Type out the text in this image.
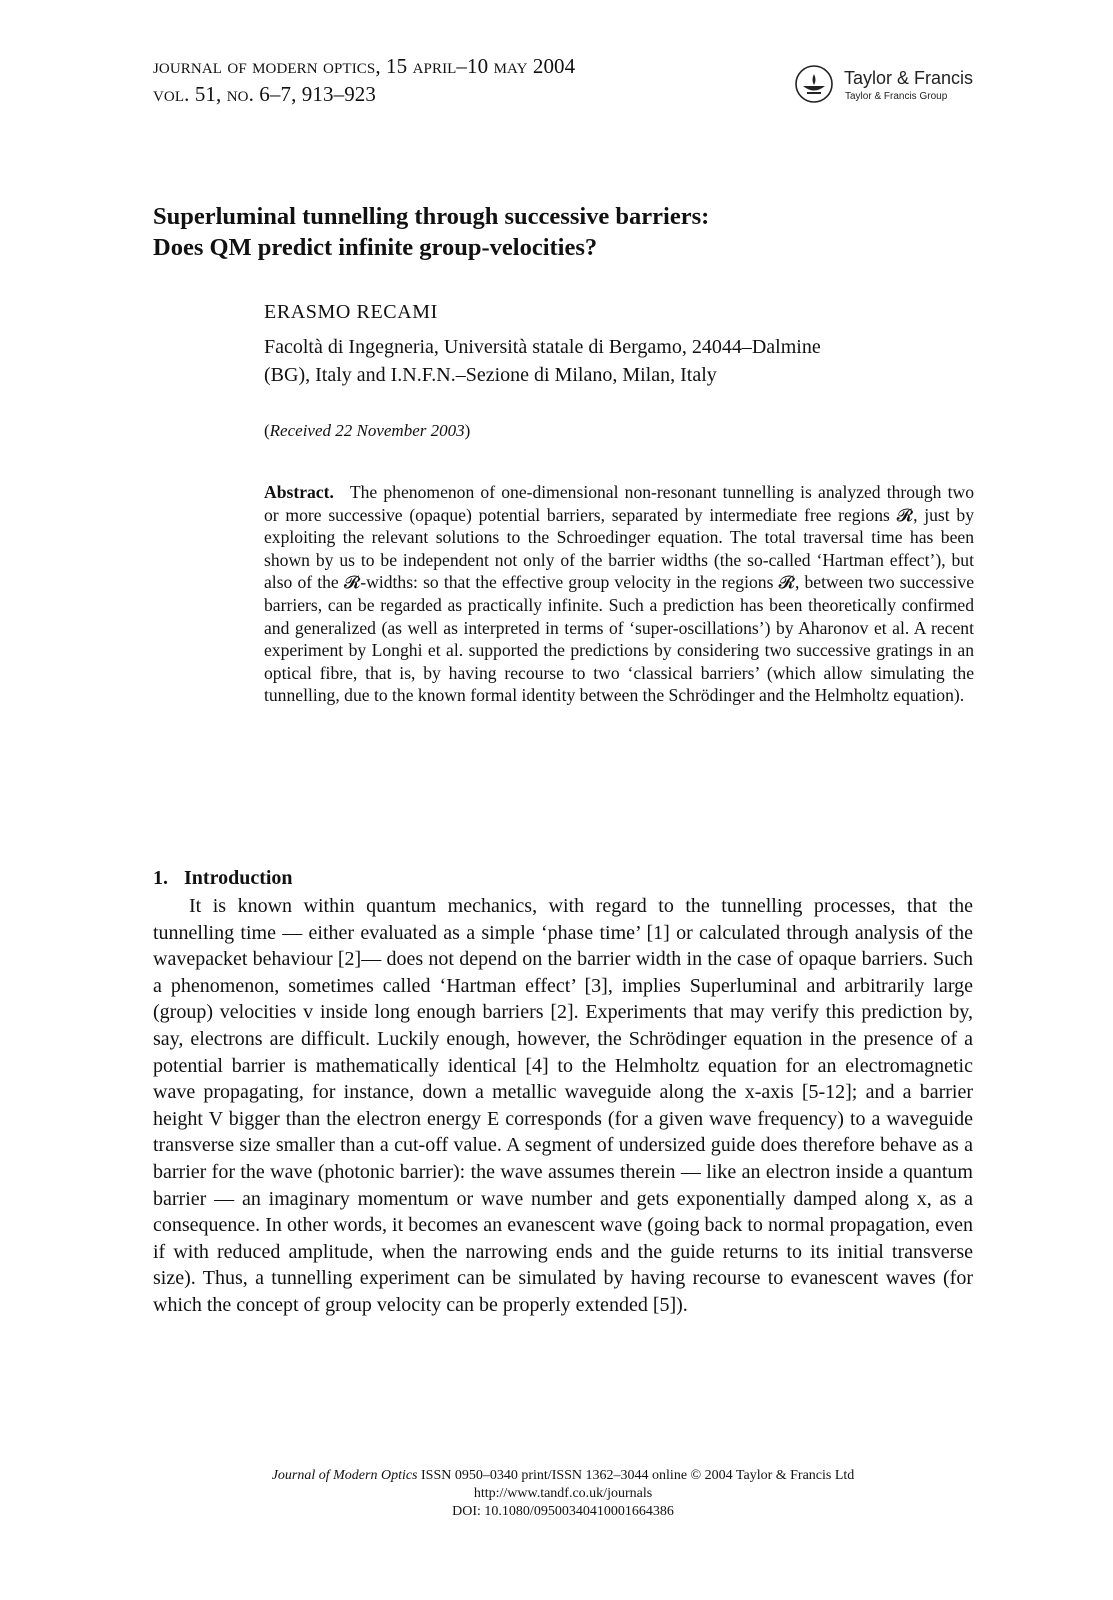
journal of modern optics, 15 april–10 may 2004
vol. 51, no. 6–7, 913–923
Taylor & Francis
Taylor & Francis Group
Superluminal tunnelling through successive barriers:
Does QM predict infinite group-velocities?
ERASMO RECAMI
Facoltà di Ingegneria, Università statale di Bergamo, 24044–Dalmine
(BG), Italy and I.N.F.N.–Sezione di Milano, Milan, Italy
(Received 22 November 2003)

Abstract. The phenomenon of one-dimensional non-resonant tunnelling is analyzed through two or more successive (opaque) potential barriers, separated by intermediate free regions 𝓡, just by exploiting the relevant solutions to the Schroedinger equation. The total traversal time has been shown by us to be independent not only of the barrier widths (the so-called ‘Hartman effect’), but also of the 𝓡-widths: so that the effective group velocity in the regions 𝓡, between two successive barriers, can be regarded as practically infinite. Such a prediction has been theoretically confirmed and generalized (as well as interpreted in terms of ‘super-oscillations’) by Aharonov et al. A recent experiment by Longhi et al. supported the predictions by considering two successive gratings in an optical fibre, that is, by having recourse to two ‘classical barriers’ (which allow simulating the tunnelling, due to the known formal identity between the Schrödinger and the Helmholtz equation).

1. Introduction

It is known within quantum mechanics, with regard to the tunnelling processes, that the tunnelling time — either evaluated as a simple ‘phase time’ [1] or calculated through analysis of the wavepacket behaviour [2]— does not depend on the barrier width in the case of opaque barriers. Such a phenomenon, sometimes called ‘Hartman effect’ [3], implies Superluminal and arbitrarily large (group) velocities v inside long enough barriers [2]. Experiments that may verify this prediction by, say, electrons are difficult. Luckily enough, however, the Schrödinger equation in the presence of a potential barrier is mathematically identical [4] to the Helmholtz equation for an electromagnetic wave propagating, for instance, down a metallic waveguide along the x-axis [5-12]; and a barrier height V bigger than the electron energy E corresponds (for a given wave frequency) to a waveguide transverse size smaller than a cut-off value. A segment of undersized guide does therefore behave as a barrier for the wave (photonic barrier): the wave assumes therein — like an electron inside a quantum barrier — an imaginary momentum or wave number and gets exponentially damped along x, as a consequence. In other words, it becomes an evanescent wave (going back to normal propagation, even if with reduced amplitude, when the narrowing ends and the guide returns to its initial transverse size). Thus, a tunnelling experiment can be simulated by having recourse to evanescent waves (for which the concept of group velocity can be properly extended [5]).

Journal of Modern Optics ISSN 0950–0340 print/ISSN 1362–3044 online © 2004 Taylor & Francis Ltd
http://www.tandf.co.uk/journals
DOI: 10.1080/09500340410001664386
